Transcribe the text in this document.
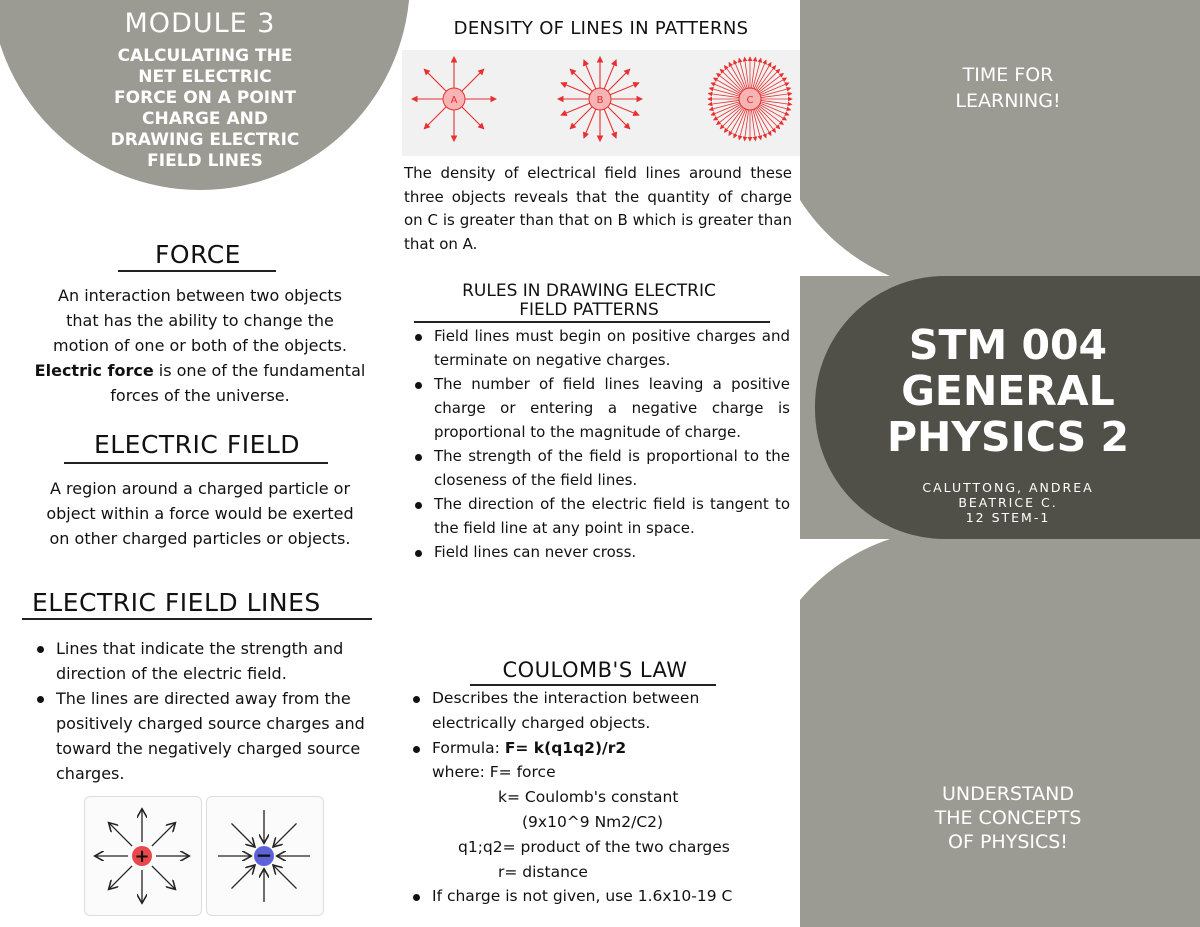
MODULE 3
CALCULATING THE
NET ELECTRIC
FORCE ON A POINT
CHARGE AND
DRAWING ELECTRIC
FIELD LINES
FORCE
An interaction between two objects
that has the ability to change the
motion of one or both of the objects.
Electric force is one of the fundamental
forces of the universe.
ELECTRIC FIELD
A region around a charged particle or
object within a force would be exerted
on other charged particles or objects.
ELECTRIC FIELD LINES
Lines that indicate the strength and direction of the electric field.
The lines are directed away from the positively charged source charges and toward the negatively charged source charges.
+	−
DENSITY OF LINES IN PATTERNS
A	B	C
The density of electrical field lines around these three objects reveals that the quantity of charge on C is greater than that on B which is greater than that on A.
RULES IN DRAWING ELECTRIC
FIELD PATTERNS
Field lines must begin on positive charges and terminate on negative charges.
The number of field lines leaving a positive charge or entering a negative charge is proportional to the magnitude of charge.
The strength of the field is proportional to the closeness of the field lines.
The direction of the electric field is tangent to the field line at any point in space.
Field lines can never cross.
COULOMB'S LAW
Describes the interaction between
electrically charged objects.
Formula: F= k(q1q2)/r2
where: F= force
k= Coulomb's constant
(9x10^9 Nm2/C2)
q1;q2= product of the two charges
r= distance
If charge is not given, use 1.6x10-19 C
TIME FOR
LEARNING!
STM 004
GENERAL
PHYSICS 2
CALUTTONG, ANDREA
BEATRICE C.
12 STEM-1
UNDERSTAND
THE CONCEPTS
OF PHYSICS!
